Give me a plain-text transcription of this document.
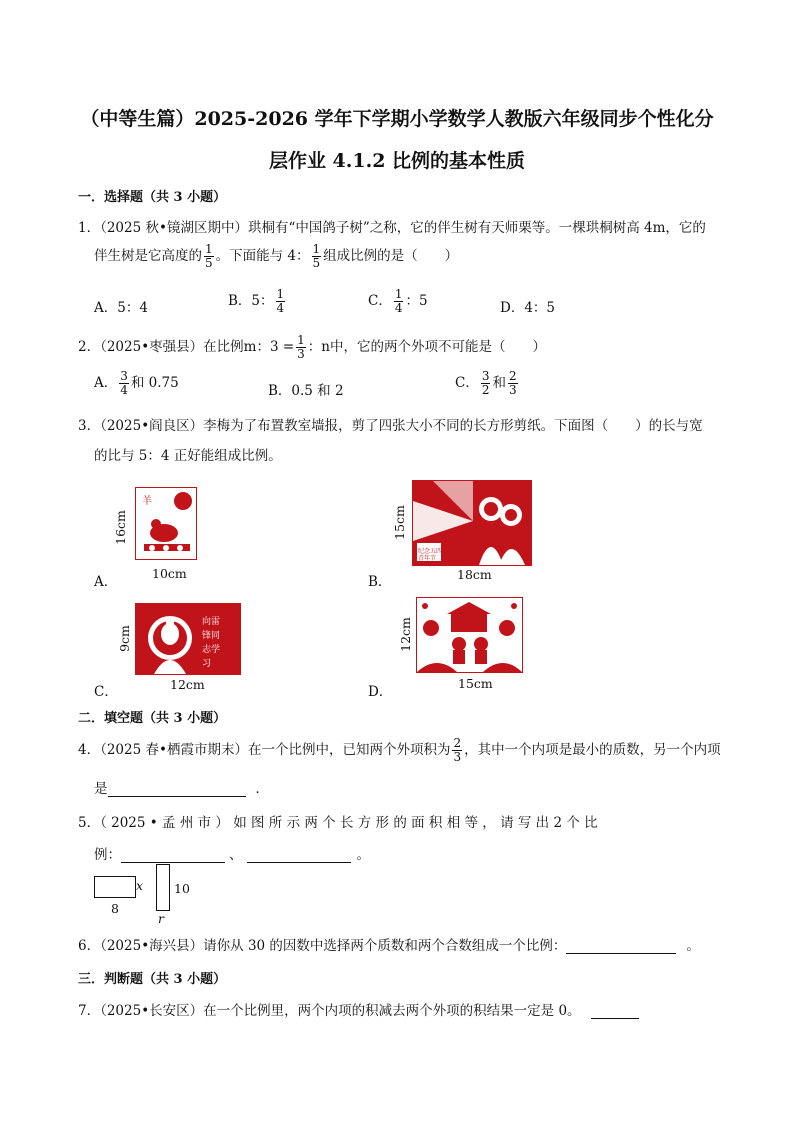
（中等生篇）2025-2026 学年下学期小学数学人教版六年级同步个性化分
层作业 4.1.2 比例的基本性质
一．选择题（共 3 小题）
1．（2025 秋•镜湖区期中）珙桐有“中国鸽子树”之称，它的伴生树有天师栗等。一棵珙桐树高 4m，它的
伴生树是它高度的 $\frac{1}{5}$ 。下面能与 4： $\frac{1}{5}$ 组成比例的是（　　）
A．5：4	B．5： $\frac{1}{4}$	C． $\frac{1}{4}$ ：5	D．4：5
2．（2025•枣强县）在比例m：$3 = \frac{1}{3}$ ：n中，它的两个外项不可能是（　　）
A． $\frac{3}{4}$ 和 0.75	B．0.5 和 2	C． $\frac{3}{2}$ 和 $\frac{2}{3}$
3．（2025•阎良区）李梅为了布置教室墙报，剪了四张大小不同的长方形剪纸。下面图（　　）的长与宽
的比与 5：4 正好能组成比例。
羊
16cm
10cm
A．
纪念五四
青年节
15cm
18cm
B．
向雷
锋同
志学
习
9cm
12cm
C．
12cm
15cm
D．
二．填空题（共 3 小题）
4．（2025 春•栖霞市期末）在一个比例中，已知两个外项积为 $\frac{2}{3}$ ，其中一个内项是最小的质数，另一个内项
是	．
5．（ 2025 • 孟 州 市 ） 如 图 所 示 两 个 长 方 形 的 面 积 相 等 ， 请 写 出 2 个 比
例：	、	。
x
8
10
r
6．（2025•海兴县）请你从 30 的因数中选择两个质数和两个合数组成一个比例：	。
三．判断题（共 3 小题）
7．（2025•长安区）在一个比例里，两个内项的积减去两个外项的积结果一定是 0。
